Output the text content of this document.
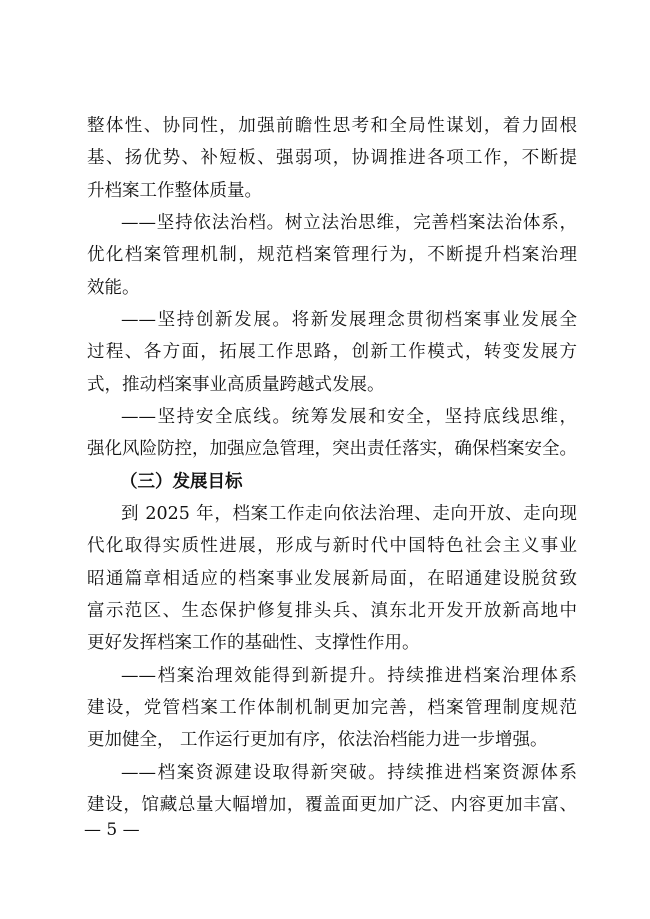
整体性、协同性，加强前瞻性思考和全局性谋划，着力固根
基、扬优势、补短板、强弱项，协调推进各项工作，不断提
升档案工作整体质量。
——坚持依法治档。树立法治思维，完善档案法治体系，
优化档案管理机制，规范档案管理行为，不断提升档案治理
效能。
——坚持创新发展。将新发展理念贯彻档案事业发展全
过程、各方面，拓展工作思路，创新工作模式，转变发展方
式，推动档案事业高质量跨越式发展。
——坚持安全底线。统筹发展和安全，坚持底线思维，
强化风险防控，加强应急管理，突出责任落实，确保档案安全。
（三）发展目标
到 2025 年，档案工作走向依法治理、走向开放、走向现
代化取得实质性进展，形成与新时代中国特色社会主义事业
昭通篇章相适应的档案事业发展新局面，在昭通建设脱贫致
富示范区、生态保护修复排头兵、滇东北开发开放新高地中
更好发挥档案工作的基础性、支撑性作用。
——档案治理效能得到新提升。持续推进档案治理体系
建设，党管档案工作体制机制更加完善，档案管理制度规范
更加健全， 工作运行更加有序，依法治档能力进一步增强。
——档案资源建设取得新突破。持续推进档案资源体系
建设，馆藏总量大幅增加，覆盖面更加广泛、内容更加丰富、
— 5 —
